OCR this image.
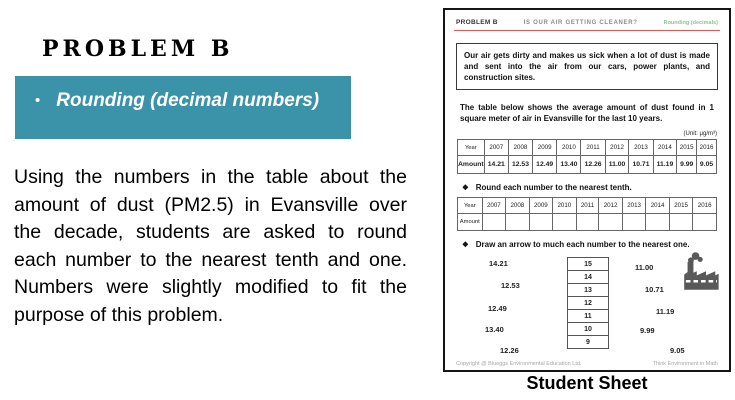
PROBLEM B
• Rounding (decimal numbers)
Using the numbers in the table about the amount of dust (PM2.5) in Evansville over the decade, students are asked to round each number to the nearest tenth and one. Numbers were slightly modified to fit the purpose of this problem.
PROBLEM B	IS OUR AIR GETTING CLEANER?	Rounding (decimals)
Our air gets dirty and makes us sick when a lot of dust is made and sent into the air from our cars, power plants, and construction sites.
The table below shows the average amount of dust found in 1 square meter of air in Evansville for the last 10 years.
(Unit: μg/m³)
Year	2007	2008	2009	2010	2011	2012	2013	2014	2015	2016
Amount	14.21	12.53	12.49	13.40	12.26	11.00	10.71	11.19	9.99	9.05
❖ Round each number to the nearest tenth.
Year	2007	2008	2009	2010	2011	2012	2013	2014	2015	2016
Amount										
❖ Draw an arrow to much each number to the nearest one.
14.21
12.53
12.49
13.40
12.26
15
14
13
12
11
10
9
11.00
10.71
11.19
9.99
9.05
Copyright @ Blueggs Environmental Education Ltd.	Think Environment in Math
Student Sheet
